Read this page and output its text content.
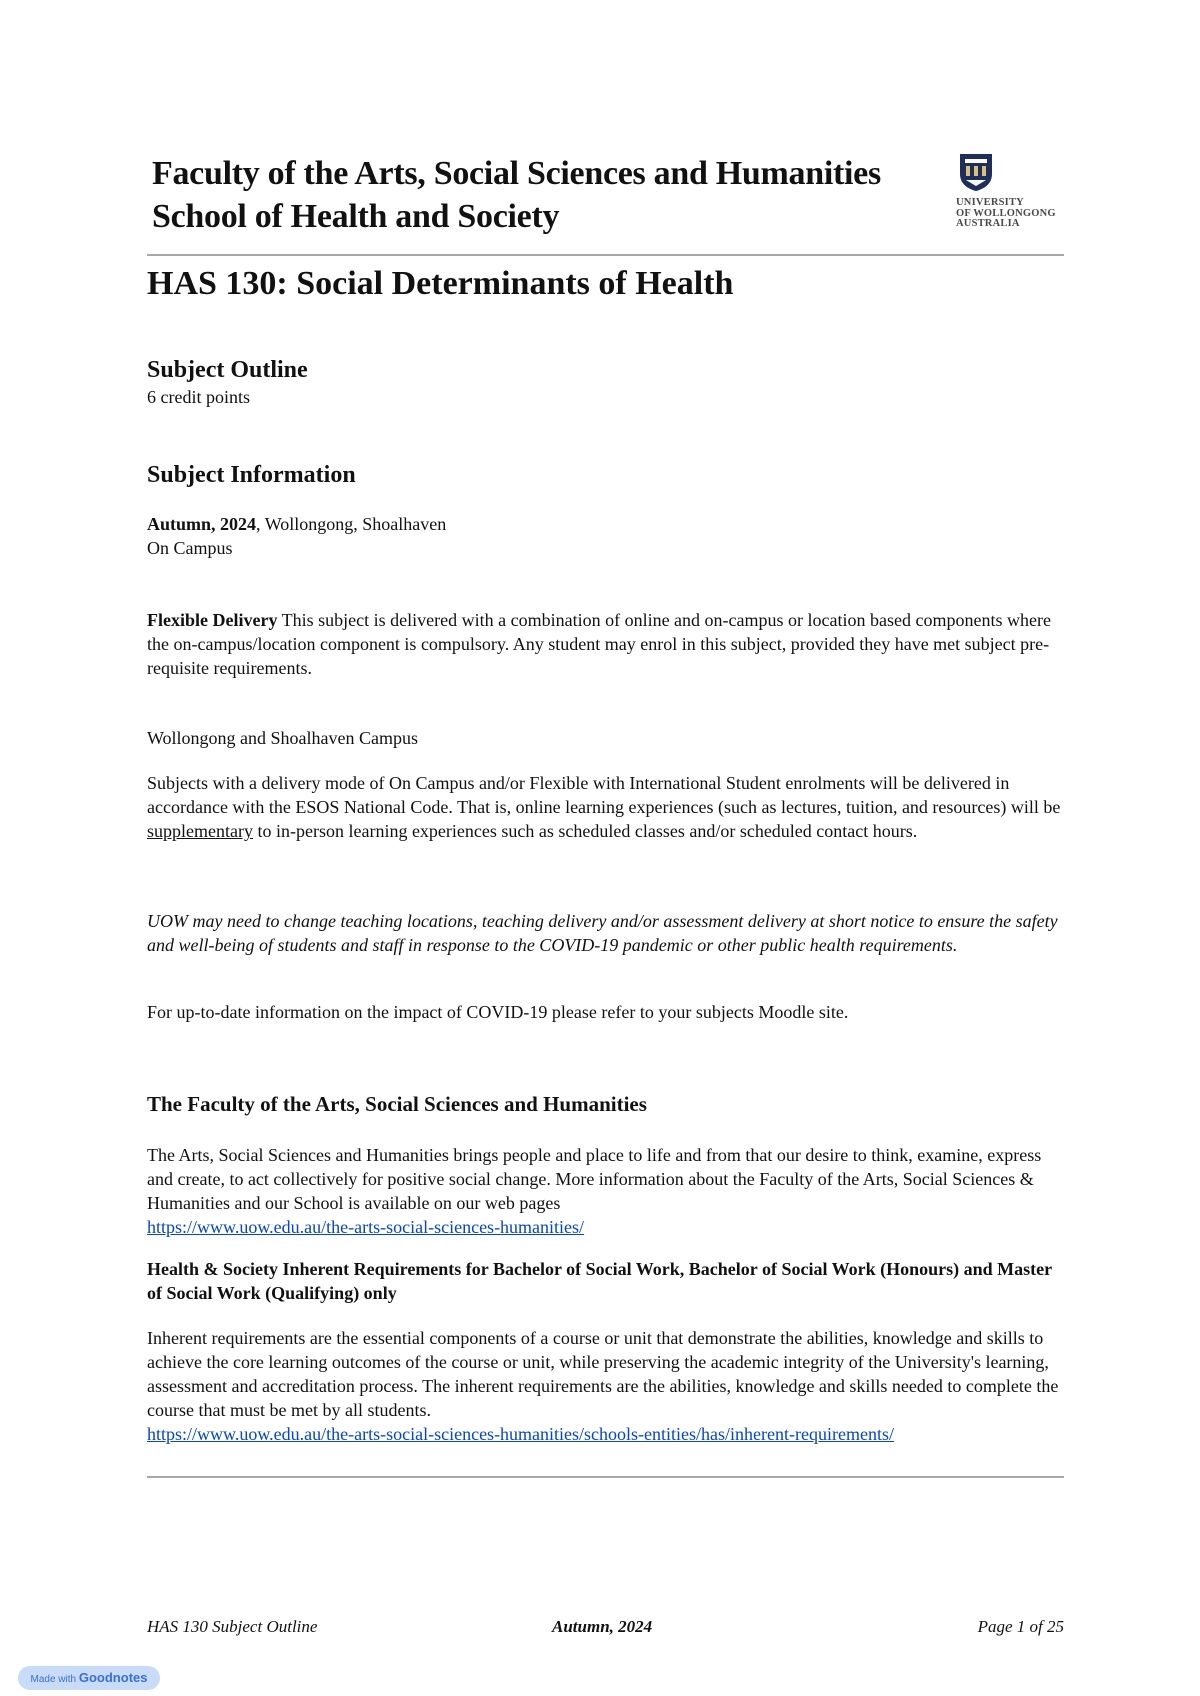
Faculty of the Arts, Social Sciences and Humanities
School of Health and Society	UNIVERSITY
OF WOLLONGONG
AUSTRALIA
HAS 130: Social Determinants of Health
Subject Outline

6 credit points

Subject Information

Autumn, 2024, Wollongong, Shoalhaven

On Campus

Flexible Delivery This subject is delivered with a combination of online and on-campus or location based components where the on-campus/location component is compulsory. Any student may enrol in this subject, provided they have met subject pre-requisite requirements.

Wollongong and Shoalhaven Campus

Subjects with a delivery mode of On Campus and/or Flexible with International Student enrolments will be delivered in accordance with the ESOS National Code. That is, online learning experiences (such as lectures, tuition, and resources) will be supplementary to in-person learning experiences such as scheduled classes and/or scheduled contact hours.

UOW may need to change teaching locations, teaching delivery and/or assessment delivery at short notice to ensure the safety and well-being of students and staff in response to the COVID-19 pandemic or other public health requirements.

For up-to-date information on the impact of COVID-19 please refer to your subjects Moodle site.

The Faculty of the Arts, Social Sciences and Humanities

The Arts, Social Sciences and Humanities brings people and place to life and from that our desire to think, examine, express and create, to act collectively for positive social change. More information about the Faculty of the Arts, Social Sciences & Humanities and our School is available on our web pages

https://www.uow.edu.au/the-arts-social-sciences-humanities/

Health & Society Inherent Requirements for Bachelor of Social Work, Bachelor of Social Work (Honours) and Master of Social Work (Qualifying) only

Inherent requirements are the essential components of a course or unit that demonstrate the abilities, knowledge and skills to achieve the core learning outcomes of the course or unit, while preserving the academic integrity of the University's learning, assessment and accreditation process. The inherent requirements are the abilities, knowledge and skills needed to complete the course that must be met by all students.

https://www.uow.edu.au/the-arts-social-sciences-humanities/schools-entities/has/inherent-requirements/

HAS 130 Subject Outline	Autumn, 2024	Page 1 of 25
Made with Goodnotes
